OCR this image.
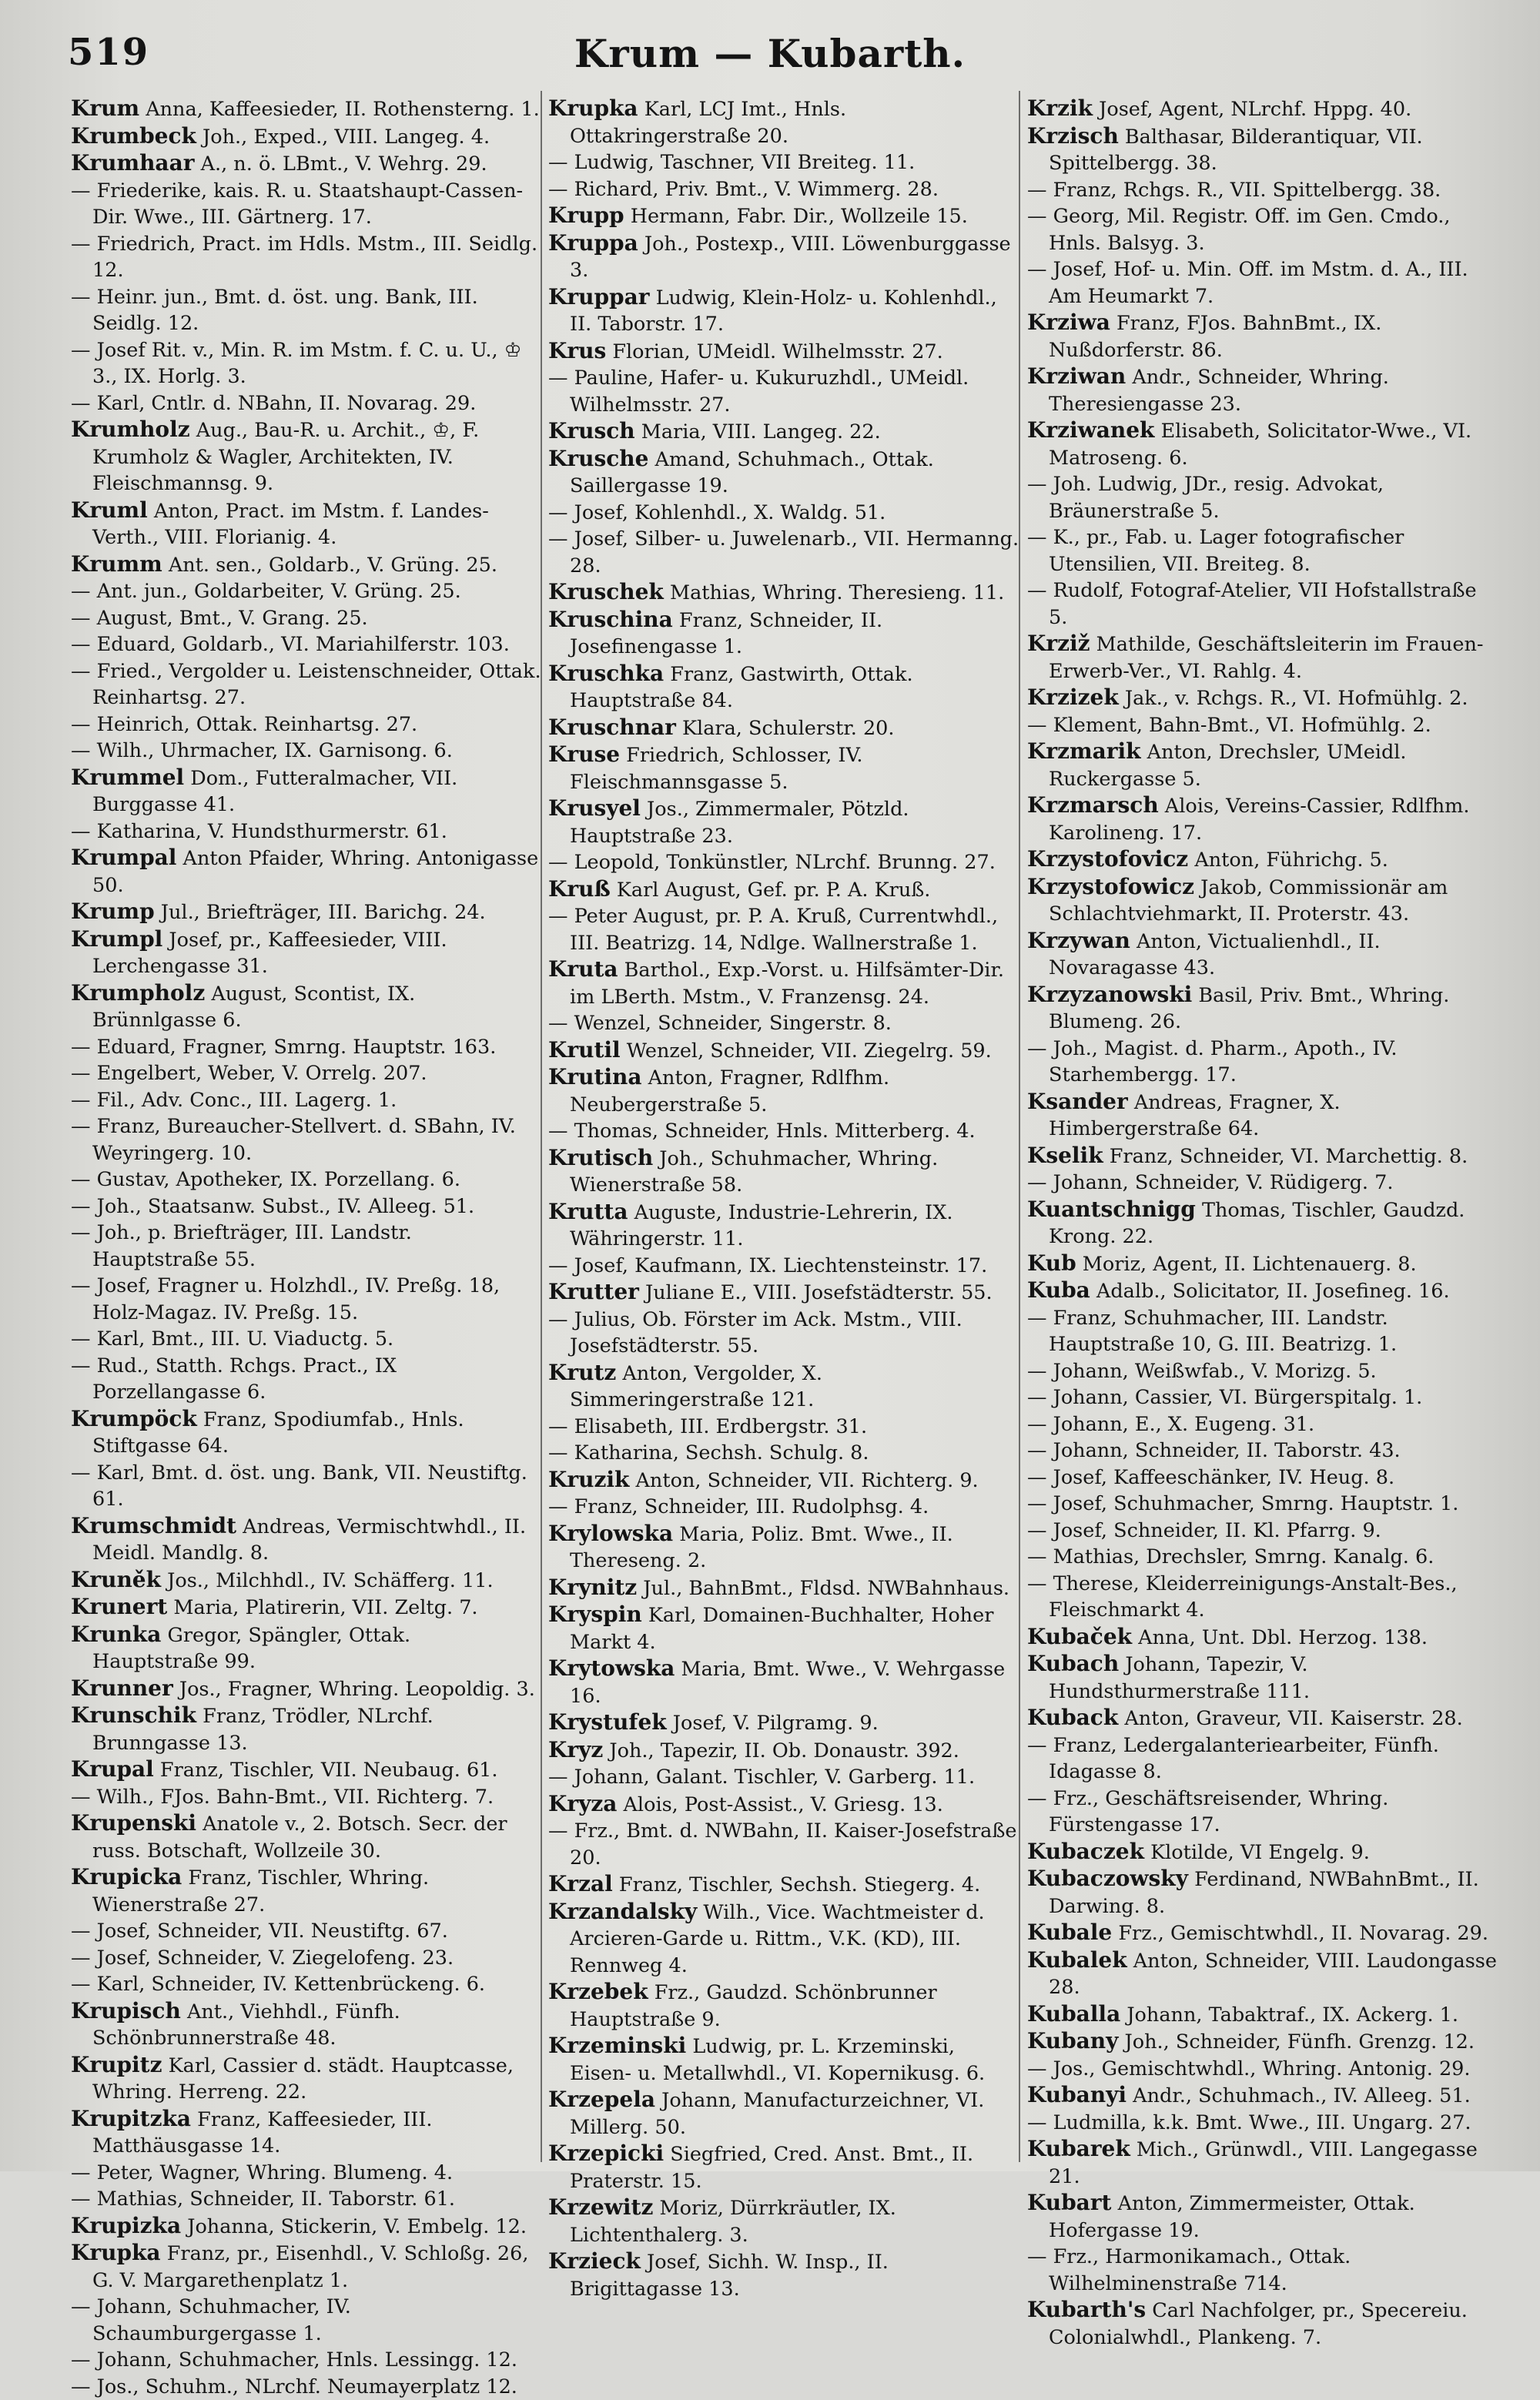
519	Krum — Kubarth.

Krum Anna, Kaffeesieder, II. Rothensterng. 1.

Krumbeck Joh., Exped., VIII. Langeg. 4.

Krumhaar A., n. ö. LBmt., V. Wehrg. 29.

— Friederike, kais. R. u. Staatshaupt-Cassen-Dir. Wwe., III. Gärtnerg. 17.

— Friedrich, Pract. im Hdls. Mstm., III. Seidlg. 12.

— Heinr. jun., Bmt. d. öst. ung. Bank, III. Seidlg. 12.

— Josef Rit. v., Min. R. im Mstm. f. C. u. U., ♔ 3., IX. Horlg. 3.

— Karl, Cntlr. d. NBahn, II. Novarag. 29.

Krumholz Aug., Bau-R. u. Archit., ♔, F. Krumholz & Wagler, Architekten, IV. Fleischmannsg. 9.

Kruml Anton, Pract. im Mstm. f. Landes-Verth., VIII. Florianig. 4.

Krumm Ant. sen., Goldarb., V. Grüng. 25.

— Ant. jun., Goldarbeiter, V. Grüng. 25.

— August, Bmt., V. Grang. 25.

— Eduard, Goldarb., VI. Mariahilferstr. 103.

— Fried., Vergolder u. Leistenschneider, Ottak. Reinhartsg. 27.

— Heinrich, Ottak. Reinhartsg. 27.

— Wilh., Uhrmacher, IX. Garnisong. 6.

Krummel Dom., Futteralmacher, VII. Burggasse 41.

— Katharina, V. Hundsthurmerstr. 61.

Krumpal Anton Pfaider, Whring. Antonigasse 50.

Krump Jul., Briefträger, III. Barichg. 24.

Krumpl Josef, pr., Kaffeesieder, VIII. Lerchengasse 31.

Krumpholz August, Scontist, IX. Brünnlgasse 6.

— Eduard, Fragner, Smrng. Hauptstr. 163.

— Engelbert, Weber, V. Orrelg. 207.

— Fil., Adv. Conc., III. Lagerg. 1.

— Franz, Bureaucher-Stellvert. d. SBahn, IV. Weyringerg. 10.

— Gustav, Apotheker, IX. Porzellang. 6.

— Joh., Staatsanw. Subst., IV. Alleeg. 51.

— Joh., p. Briefträger, III. Landstr. Hauptstraße 55.

— Josef, Fragner u. Holzhdl., IV. Preßg. 18, Holz-Magaz. IV. Preßg. 15.

— Karl, Bmt., III. U. Viaductg. 5.

— Rud., Statth. Rchgs. Pract., IX Porzellangasse 6.

Krumpöck Franz, Spodiumfab., Hnls. Stiftgasse 64.

— Karl, Bmt. d. öst. ung. Bank, VII. Neustiftg. 61.

Krumschmidt Andreas, Vermischtwhdl., II. Meidl. Mandlg. 8.

Kruněk Jos., Milchhdl., IV. Schäfferg. 11.

Krunert Maria, Platirerin, VII. Zeltg. 7.

Krunka Gregor, Spängler, Ottak. Hauptstraße 99.

Krunner Jos., Fragner, Whring. Leopoldig. 3.

Krunschik Franz, Trödler, NLrchf. Brunngasse 13.

Krupal Franz, Tischler, VII. Neubaug. 61.

— Wilh., FJos. Bahn-Bmt., VII. Richterg. 7.

Krupenski Anatole v., 2. Botsch. Secr. der russ. Botschaft, Wollzeile 30.

Krupicka Franz, Tischler, Whring. Wienerstraße 27.

— Josef, Schneider, VII. Neustiftg. 67.

— Josef, Schneider, V. Ziegelofeng. 23.

— Karl, Schneider, IV. Kettenbrückeng. 6.

Krupisch Ant., Viehhdl., Fünfh. Schönbrunnerstraße 48.

Krupitz Karl, Cassier d. städt. Hauptcasse, Whring. Herreng. 22.

Krupitzka Franz, Kaffeesieder, III. Matthäusgasse 14.

— Peter, Wagner, Whring. Blumeng. 4.

— Mathias, Schneider, II. Taborstr. 61.

Krupizka Johanna, Stickerin, V. Embelg. 12.

Krupka Franz, pr., Eisenhdl., V. Schloßg. 26, G. V. Margarethenplatz 1.

— Johann, Schuhmacher, IV. Schaumburgergasse 1.

— Johann, Schuhmacher, Hnls. Lessingg. 12.

— Jos., Schuhm., NLrchf. Neumayerplatz 12.

Krupka Karl, LCJ Imt., Hnls. Ottakringerstraße 20.

— Ludwig, Taschner, VII Breiteg. 11.

— Richard, Priv. Bmt., V. Wimmerg. 28.

Krupp Hermann, Fabr. Dir., Wollzeile 15.

Kruppa Joh., Postexp., VIII. Löwenburggasse 3.

Kruppar Ludwig, Klein-Holz- u. Kohlenhdl., II. Taborstr. 17.

Krus Florian, UMeidl. Wilhelmsstr. 27.

— Pauline, Hafer- u. Kukuruzhdl., UMeidl. Wilhelmsstr. 27.

Krusch Maria, VIII. Langeg. 22.

Kruschе Amand, Schuhmach., Ottak. Saillergasse 19.

— Josef, Kohlenhdl., X. Waldg. 51.

— Josef, Silber- u. Juwelenarb., VII. Hermanng. 28.

Kruschek Mathias, Whring. Theresieng. 11.

Kruschina Franz, Schneider, II. Josefinengasse 1.

Kruschka Franz, Gastwirth, Ottak. Hauptstraße 84.

Kruschnar Klara, Schulerstr. 20.

Kruse Friedrich, Schlosser, IV. Fleischmannsgasse 5.

Krusyel Jos., Zimmermaler, Pötzld. Hauptstraße 23.

— Leopold, Tonkünstler, NLrchf. Brunng. 27.

Kruß Karl August, Gef. pr. P. A. Kruß.

— Peter August, pr. P. A. Kruß, Currentwhdl., III. Beatrizg. 14, Ndlge. Wallnerstraße 1.

Kruta Barthol., Exp.-Vorst. u. Hilfsämter-Dir. im LBerth. Mstm., V. Franzensg. 24.

— Wenzel, Schneider, Singerstr. 8.

Krutil Wenzel, Schneider, VII. Ziegelrg. 59.

Krutina Anton, Fragner, Rdlfhm. Neubergerstraße 5.

— Thomas, Schneider, Hnls. Mitterberg. 4.

Krutisch Joh., Schuhmacher, Whring. Wienerstraße 58.

Krutta Auguste, Industrie-Lehrerin, IX. Währingerstr. 11.

— Josef, Kaufmann, IX. Liechtensteinstr. 17.

Krutter Juliane E., VIII. Josefstädterstr. 55.

— Julius, Ob. Förster im Ack. Mstm., VIII. Josefstädterstr. 55.

Krutz Anton, Vergolder, X. Simmeringerstraße 121.

— Elisabeth, III. Erdbergstr. 31.

— Katharina, Sechsh. Schulg. 8.

Kruzik Anton, Schneider, VII. Richterg. 9.

— Franz, Schneider, III. Rudolphsg. 4.

Krylowska Maria, Poliz. Bmt. Wwe., II. Thereseng. 2.

Krynitz Jul., BahnBmt., Fldsd. NWBahnhaus.

Kryspin Karl, Domainen-Buchhalter, Hoher Markt 4.

Krytowska Maria, Bmt. Wwe., V. Wehrgasse 16.

Krystufek Josef, V. Pilgramg. 9.

Kryz Joh., Tapezir, II. Ob. Donaustr. 392.

— Johann, Galant. Tischler, V. Garberg. 11.

Kryza Alois, Post-Assist., V. Griesg. 13.

— Frz., Bmt. d. NWBahn, II. Kaiser-Josefstraße 20.

Krzal Franz, Tischler, Sechsh. Stiegerg. 4.

Krzandalsky Wilh., Vice. Wachtmeister d. Arcieren-Garde u. Rittm., V.K. (KD), III. Rennweg 4.

Krzebek Frz., Gaudzd. Schönbrunner Hauptstraße 9.

Krzeminski Ludwig, pr. L. Krzeminski, Eisen- u. Metallwhdl., VI. Kopernikusg. 6.

Krzepela Johann, Manufacturzeichner, VI. Millerg. 50.

Krzepicki Siegfried, Cred. Anst. Bmt., II. Praterstr. 15.

Krzewitz Moriz, Dürrkräutler, IX. Lichtenthalerg. 3.

Krzieck Josef, Sichh. W. Insp., II. Brigittagasse 13.

Krzik Josef, Agent, NLrchf. Hppg. 40.

Krzisch Balthasar, Bilderantiquar, VII. Spittelbergg. 38.

— Franz, Rchgs. R., VII. Spittelbergg. 38.

— Georg, Mil. Registr. Off. im Gen. Cmdo., Hnls. Balsyg. 3.

— Josef, Hof- u. Min. Off. im Mstm. d. A., III. Am Heumarkt 7.

Krziwa Franz, FJos. BahnBmt., IX. Nußdorferstr. 86.

Krziwan Andr., Schneider, Whring. Theresiengasse 23.

Krziwanek Elisabeth, Solicitator-Wwe., VI. Matroseng. 6.

— Joh. Ludwig, JDr., resig. Advokat, Bräunerstraße 5.

— K., pr., Fab. u. Lager fotografischer Utensilien, VII. Breiteg. 8.

— Rudolf, Fotograf-Atelier, VII Hofstallstraße 5.

Krziž Mathilde, Geschäftsleiterin im Frauen-Erwerb-Ver., VI. Rahlg. 4.

Krzizek Jak., v. Rchgs. R., VI. Hofmühlg. 2.

— Klement, Bahn-Bmt., VI. Hofmühlg. 2.

Krzmarik Anton, Drechsler, UMeidl. Ruckergasse 5.

Krzmarsch Alois, Vereins-Cassier, Rdlfhm. Karolineng. 17.

Krzystofovicz Anton, Führichg. 5.

Krzystofowicz Jakob, Commissionär am Schlachtviehmarkt, II. Proterstr. 43.

Krzywan Anton, Victualienhdl., II. Novaragasse 43.

Krzyzanowski Basil, Priv. Bmt., Whring. Blumeng. 26.

— Joh., Magist. d. Pharm., Apoth., IV. Starhembergg. 17.

Ksander Andreas, Fragner, X. Himbergerstraße 64.

Kselik Franz, Schneider, VI. Marchettig. 8.

— Johann, Schneider, V. Rüdigerg. 7.

Kuantschnigg Thomas, Tischler, Gaudzd. Krong. 22.

Kub Moriz, Agent, II. Lichtenauerg. 8.

Kuba Adalb., Solicitator, II. Josefineg. 16.

— Franz, Schuhmacher, III. Landstr. Hauptstraße 10, G. III. Beatrizg. 1.

— Johann, Weißwfab., V. Morizg. 5.

— Johann, Cassier, VI. Bürgerspitalg. 1.

— Johann, E., X. Eugeng. 31.

— Johann, Schneider, II. Taborstr. 43.

— Josef, Kaffeeschänker, IV. Heug. 8.

— Josef, Schuhmacher, Smrng. Hauptstr. 1.

— Josef, Schneider, II. Kl. Pfarrg. 9.

— Mathias, Drechsler, Smrng. Kanalg. 6.

— Therese, Kleiderreinigungs-Anstalt-Bes., Fleischmarkt 4.

Kubaček Anna, Unt. Dbl. Herzog. 138.

Kubach Johann, Tapezir, V. Hundsthurmerstraße 111.

Kuback Anton, Graveur, VII. Kaiserstr. 28.

— Franz, Ledergalanteriearbeiter, Fünfh. Idagasse 8.

— Frz., Geschäftsreisender, Whring. Fürstengasse 17.

Kubaczek Klotilde, VI Engelg. 9.

Kubaczowsky Ferdinand, NWBahnBmt., II. Darwing. 8.

Kubale Frz., Gemischtwhdl., II. Novarag. 29.

Kubalek Anton, Schneider, VIII. Laudongasse 28.

Kuballa Johann, Tabaktraf., IX. Ackerg. 1.

Kubany Joh., Schneider, Fünfh. Grenzg. 12.

— Jos., Gemischtwhdl., Whring. Antonig. 29.

Kubanyi Andr., Schuhmach., IV. Alleeg. 51.

— Ludmilla, k.k. Bmt. Wwe., III. Ungarg. 27.

Kubarek Mich., Grünwdl., VIII. Langegasse 21.

Kubart Anton, Zimmermeister, Ottak. Hofergasse 19.

— Frz., Harmonikamach., Ottak. Wilhelminenstraße 714.

Kubarth's Carl Nachfolger, pr., Specereiu. Colonialwhdl., Plankeng. 7.
